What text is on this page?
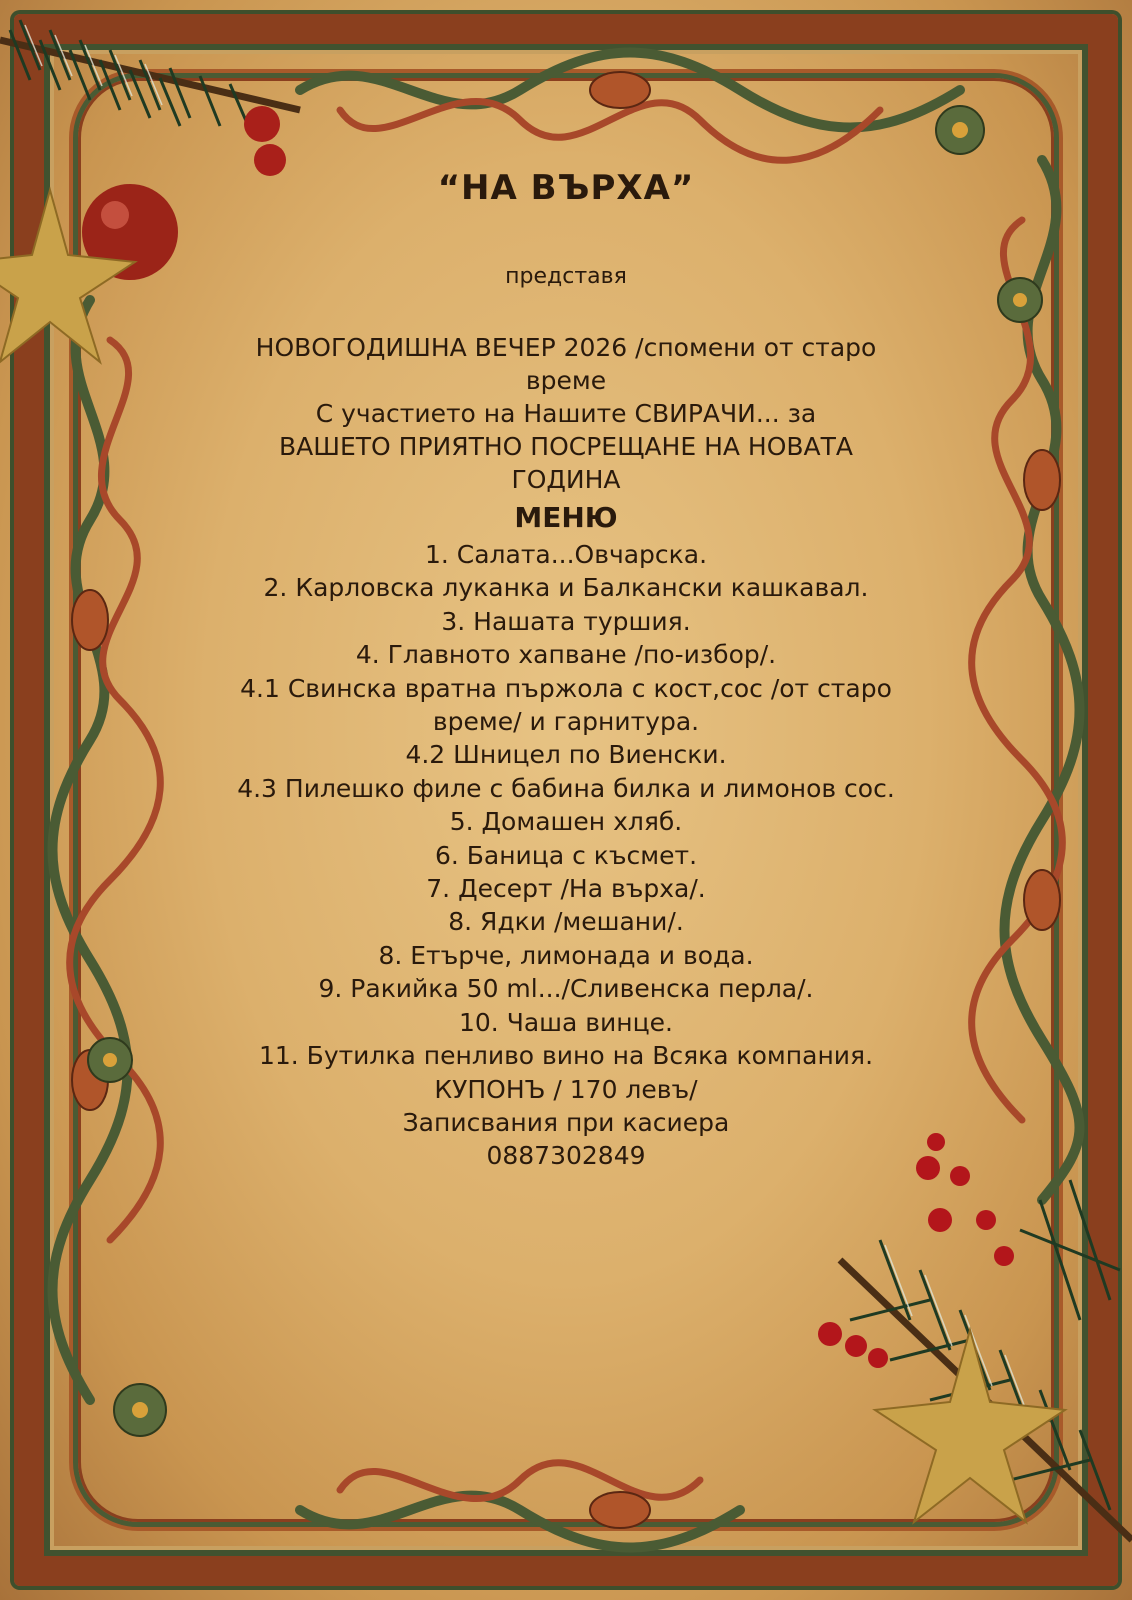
“НА ВЪРХА”

представя

НОВОГОДИШНА ВЕЧЕР 2026 /спомени от старо

време

С участието на Нашите СВИРАЧИ... за

ВАШЕТО ПРИЯТНО ПОСРЕЩАНЕ НА НОВАТА

ГОДИНА

МЕНЮ

1. Салата...Овчарска.

2. Карловска луканка и Балкански кашкавал.

3. Нашата туршия.

4. Главното хапване /по-избор/.

4.1 Свинска вратна пържола с кост,сос /от старо

време/ и гарнитура.

4.2 Шницел по Виенски.

4.3 Пилешко филе с бабина билка и лимонов сос.

5. Домашен хляб.

6. Баница с късмет.

7. Десерт /На върха/.

8. Ядки /мешани/.

8. Етърче, лимонада и вода.

9. Ракийка 50 ml.../Сливенска перла/.

10. Чаша винце.

11. Бутилка пенливо вино на Всяка компания.

КУПОНЪ / 170 левъ/

Записвания при касиера

0887302849
